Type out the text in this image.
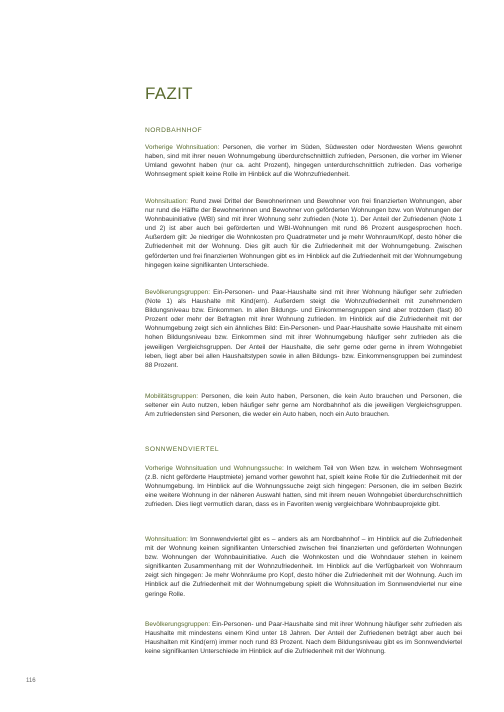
FAZIT
NORDBAHNHOF

Vorherige Wohnsituation: Personen, die vorher im Süden, Südwesten oder Nordwesten Wiens gewohnt haben, sind mit ihrer neuen Wohnumgebung überdurchschnittlich zufrieden, Personen, die vorher im Wiener Umland gewohnt haben (nur ca. acht Prozent), hingegen unterdurchschnittlich zufrieden. Das vorherige Wohnsegment spielt keine Rolle im Hinblick auf die Wohnzufriedenheit.

Wohnsituation: Rund zwei Drittel der Bewohnerinnen und Bewohner von frei finanzierten Wohnungen, aber nur rund die Hälfte der Bewohnerinnen und Bewohner von geförderten Wohnungen bzw. von Wohnungen der Wohnbauinitiative (WBI) sind mit ihrer Wohnung sehr zufrieden (Note 1). Der Anteil der Zufriedenen (Note 1 und 2) ist aber auch bei geförderten und WBI-Wohnungen mit rund 86 Prozent ausgesprochen hoch. Außerdem gilt: Je niedriger die Wohnkosten pro Quadratmeter und je mehr Wohnraum/Kopf, desto höher die Zufriedenheit mit der Wohnung. Dies gilt auch für die Zufriedenheit mit der Wohnumgebung. Zwischen geförderten und frei finanzierten Wohnungen gibt es im Hinblick auf die Zufriedenheit mit der Wohnumgebung hingegen keine signifikanten Unterschiede.

Bevölkerungsgruppen: Ein-Personen- und Paar-Haushalte sind mit ihrer Wohnung häufiger sehr zufrieden (Note 1) als Haushalte mit Kind(ern). Außerdem steigt die Wohnzufriedenheit mit zunehmendem Bildungsniveau bzw. Einkommen. In allen Bildungs- und Einkommensgruppen sind aber trotzdem (fast) 80 Prozent oder mehr der Befragten mit ihrer Wohnung zufrieden. Im Hinblick auf die Zufriedenheit mit der Wohnumgebung zeigt sich ein ähnliches Bild: Ein-Personen- und Paar-Haushalte sowie Haushalte mit einem hohen Bildungsniveau bzw. Einkommen sind mit ihrer Wohnumgebung häufiger sehr zufrieden als die jeweiligen Vergleichsgruppen. Der Anteil der Haushalte, die sehr gerne oder gerne in ihrem Wohngebiet leben, liegt aber bei allen Haushaltstypen sowie in allen Bildungs- bzw. Einkommensgruppen bei zumindest 88 Prozent.

Mobilitätsgruppen: Personen, die kein Auto haben, Personen, die kein Auto brauchen und Personen, die seltener ein Auto nutzen, leben häufiger sehr gerne am Nordbahnhof als die jeweiligen Vergleichsgruppen. Am zufriedensten sind Personen, die weder ein Auto haben, noch ein Auto brauchen.

SONNWENDVIERTEL

Vorherige Wohnsituation und Wohnungssuche: In welchem Teil von Wien bzw. in welchem Wohnsegment (z.B. nicht geförderte Hauptmiete) jemand vorher gewohnt hat, spielt keine Rolle für die Zufriedenheit mit der Wohnumgebung. Im Hinblick auf die Wohnungssuche zeigt sich hingegen: Personen, die im selben Bezirk eine weitere Wohnung in der näheren Auswahl hatten, sind mit ihrem neuen Wohngebiet überdurchschnittlich zufrieden. Dies liegt vermutlich daran, dass es in Favoriten wenig vergleichbare Wohnbauprojekte gibt.

Wohnsituation: Im Sonnwendviertel gibt es – anders als am Nordbahnhof – im Hinblick auf die Zufriedenheit mit der Wohnung keinen signifikanten Unterschied zwischen frei finanzierten und geförderten Wohnungen bzw. Wohnungen der Wohnbauinitiative. Auch die Wohnkosten und die Wohndauer stehen in keinem signifikanten Zusammenhang mit der Wohnzufriedenheit. Im Hinblick auf die Verfügbarkeit von Wohnraum zeigt sich hingegen: Je mehr Wohnräume pro Kopf, desto höher die Zufriedenheit mit der Wohnung. Auch im Hinblick auf die Zufriedenheit mit der Wohnumgebung spielt die Wohnsituation im Sonnwendviertel nur eine geringe Rolle.

Bevölkerungsgruppen: Ein-Personen- und Paar-Haushalte sind mit ihrer Wohnung häufiger sehr zufrieden als Haushalte mit mindestens einem Kind unter 18 Jahren. Der Anteil der Zufriedenen beträgt aber auch bei Haushalten mit Kind(ern) immer noch rund 83 Prozent. Nach dem Bildungsniveau gibt es im Sonnwendviertel keine signifikanten Unterschiede im Hinblick auf die Zufriedenheit mit der Wohnung.

116
